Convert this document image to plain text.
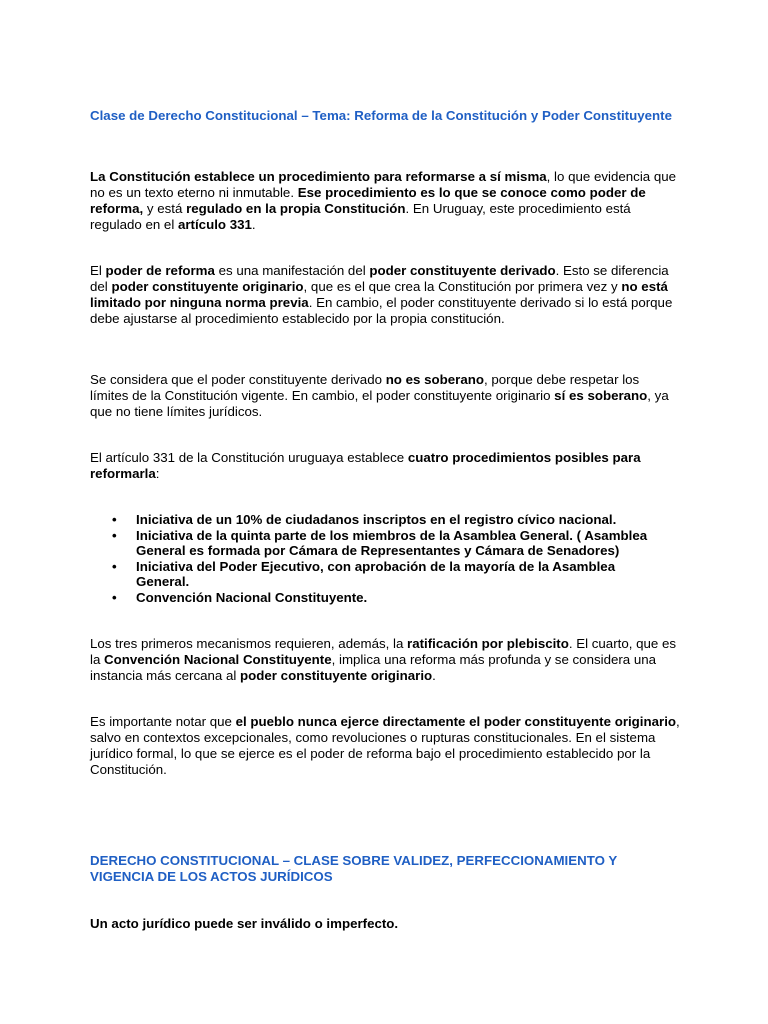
Clase de Derecho Constitucional – Tema: Reforma de la Constitución y Poder Constituyente

La Constitución establece un procedimiento para reformarse a sí misma, lo que evidencia que no es un texto eterno ni inmutable. Ese procedimiento es lo que se conoce como poder de reforma, y está regulado en la propia Constitución. En Uruguay, este procedimiento está regulado en el artículo 331.

El poder de reforma es una manifestación del poder constituyente derivado. Esto se diferencia del poder constituyente originario, que es el que crea la Constitución por primera vez y no está limitado por ninguna norma previa. En cambio, el poder constituyente derivado si lo está porque debe ajustarse al procedimiento establecido por la propia constitución.

Se considera que el poder constituyente derivado no es soberano, porque debe respetar los límites de la Constitución vigente. En cambio, el poder constituyente originario sí es soberano, ya que no tiene límites jurídicos.

El artículo 331 de la Constitución uruguaya establece cuatro procedimientos posibles para reformarla:

• Iniciativa de un 10% de ciudadanos inscriptos en el registro cívico nacional.
• Iniciativa de la quinta parte de los miembros de la Asamblea General. ( Asamblea General es formada por Cámara de Representantes y Cámara de Senadores)
• Iniciativa del Poder Ejecutivo, con aprobación de la mayoría de la Asamblea General.
• Convención Nacional Constituyente.

Los tres primeros mecanismos requieren, además, la ratificación por plebiscito. El cuarto, que es la Convención Nacional Constituyente, implica una reforma más profunda y se considera una instancia más cercana al poder constituyente originario.

Es importante notar que el pueblo nunca ejerce directamente el poder constituyente originario, salvo en contextos excepcionales, como revoluciones o rupturas constitucionales. En el sistema jurídico formal, lo que se ejerce es el poder de reforma bajo el procedimiento establecido por la Constitución.

DERECHO CONSTITUCIONAL – CLASE SOBRE VALIDEZ, PERFECCIONAMIENTO Y VIGENCIA DE LOS ACTOS JURÍDICOS

Un acto jurídico puede ser inválido o imperfecto.
